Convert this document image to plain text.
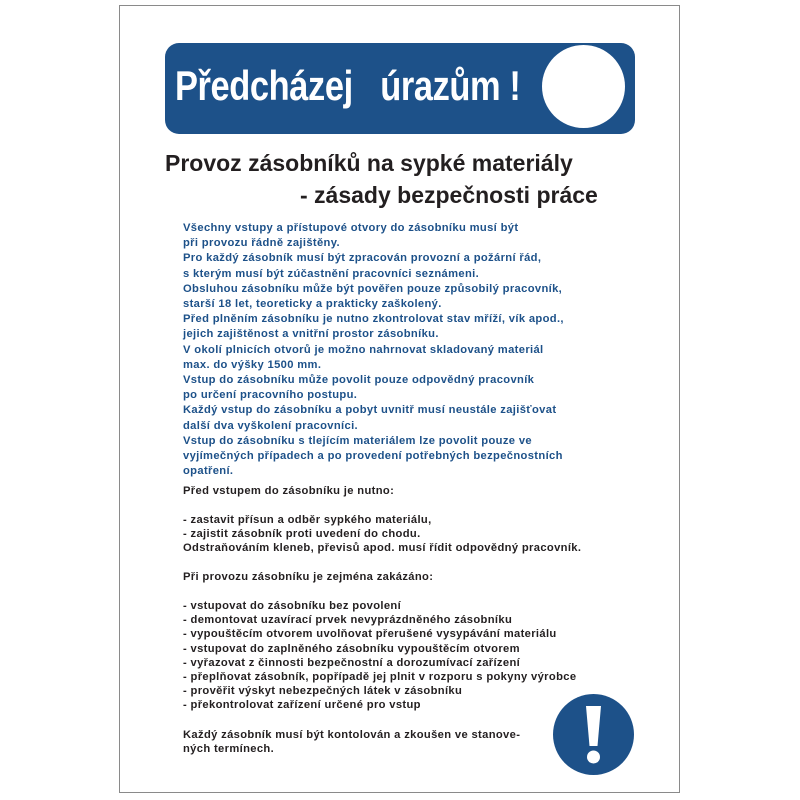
Předcházej   úrazům !
Provoz zásobníků na sypké materiály
- zásady bezpečnosti práce
Všechny vstupy a přístupové otvory do zásobníku musí být
při provozu řádně zajištěny.
Pro každý zásobník musí být zpracován provozní a požární řád,
s kterým musí být zúčastnění pracovníci seznámeni.
Obsluhou zásobníku může být pověřen pouze způsobilý pracovník,
starší 18 let, teoreticky a prakticky zaškolený.
Před plněním zásobníku je nutno zkontrolovat stav mříží, vík apod.,
jejich zajištěnost a vnitřní prostor zásobníku.
V okolí plnicích otvorů je možno nahrnovat skladovaný materiál
max. do výšky 1500 mm.
Vstup do zásobníku může povolit pouze odpovědný pracovník
po určení pracovního postupu.
Každý vstup do zásobníku a pobyt uvnitř musí neustále zajišťovat
další dva vyškolení pracovníci.
Vstup do zásobníku s tlejícím materiálem lze povolit pouze ve
vyjímečných případech a po provedení potřebných bezpečnostních
opatření.
Před vstupem do zásobníku je nutno:
- zastavit přísun a odběr sypkého materiálu,
- zajistit zásobník proti uvedení do chodu.
Odstraňováním kleneb, převisů apod. musí řídit odpovědný pracovník.
Při provozu zásobníku je zejména zakázáno:
- vstupovat do zásobníku bez povolení
- demontovat uzavírací prvek nevyprázdněného zásobníku
- vypouštěcím otvorem uvolňovat přerušené vysypávání materiálu
- vstupovat do zaplněného zásobníku vypouštěcím otvorem
- vyřazovat z činnosti bezpečnostní a dorozumívací zařízení
- přeplňovat zásobník, popřípadě jej plnit v rozporu s pokyny výrobce
- prověřit výskyt nebezpečných látek v zásobníku
- překontrolovat zařízení určené pro vstup
Každý zásobník musí být kontolován a zkoušen ve stanove-
ných termínech.
